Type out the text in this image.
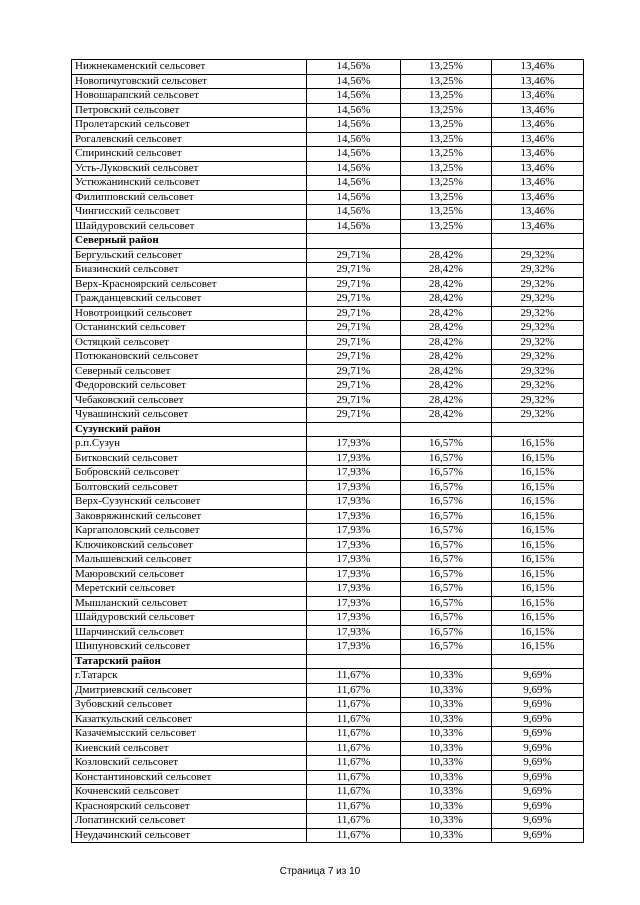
Нижнекаменский сельсовет	14,56%	13,25%	13,46%
Новопичуговский сельсовет	14,56%	13,25%	13,46%
Новошарапский сельсовет	14,56%	13,25%	13,46%
Петровский сельсовет	14,56%	13,25%	13,46%
Пролетарский сельсовет	14,56%	13,25%	13,46%
Рогалевский сельсовет	14,56%	13,25%	13,46%
Спиринский сельсовет	14,56%	13,25%	13,46%
Усть-Луковский сельсовет	14,56%	13,25%	13,46%
Устюжанинский сельсовет	14,56%	13,25%	13,46%
Филипповский сельсовет	14,56%	13,25%	13,46%
Чингисский сельсовет	14,56%	13,25%	13,46%
Шайдуровский сельсовет	14,56%	13,25%	13,46%
Северный район			
Бергульский сельсовет	29,71%	28,42%	29,32%
Биазинский сельсовет	29,71%	28,42%	29,32%
Верх-Красноярский сельсовет	29,71%	28,42%	29,32%
Гражданцевский сельсовет	29,71%	28,42%	29,32%
Новотроицкий сельсовет	29,71%	28,42%	29,32%
Останинский сельсовет	29,71%	28,42%	29,32%
Остяцкий сельсовет	29,71%	28,42%	29,32%
Потюкановский сельсовет	29,71%	28,42%	29,32%
Северный сельсовет	29,71%	28,42%	29,32%
Федоровский сельсовет	29,71%	28,42%	29,32%
Чебаковский сельсовет	29,71%	28,42%	29,32%
Чувашинский сельсовет	29,71%	28,42%	29,32%
Сузунский район			
р.п.Сузун	17,93%	16,57%	16,15%
Битковский сельсовет	17,93%	16,57%	16,15%
Бобровский сельсовет	17,93%	16,57%	16,15%
Болтовский сельсовет	17,93%	16,57%	16,15%
Верх-Сузунский сельсовет	17,93%	16,57%	16,15%
Заковряжинский сельсовет	17,93%	16,57%	16,15%
Каргаполовский сельсовет	17,93%	16,57%	16,15%
Ключиковский сельсовет	17,93%	16,57%	16,15%
Малышевский сельсовет	17,93%	16,57%	16,15%
Маюровский сельсовет	17,93%	16,57%	16,15%
Меретский сельсовет	17,93%	16,57%	16,15%
Мышланский сельсовет	17,93%	16,57%	16,15%
Шайдуровский сельсовет	17,93%	16,57%	16,15%
Шарчинский сельсовет	17,93%	16,57%	16,15%
Шипуновский сельсовет	17,93%	16,57%	16,15%
Татарский район			
г.Татарск	11,67%	10,33%	9,69%
Дмитриевский сельсовет	11,67%	10,33%	9,69%
Зубовский сельсовет	11,67%	10,33%	9,69%
Казаткульский сельсовет	11,67%	10,33%	9,69%
Казачемысский сельсовет	11,67%	10,33%	9,69%
Киевский сельсовет	11,67%	10,33%	9,69%
Козловский сельсовет	11,67%	10,33%	9,69%
Константиновский сельсовет	11,67%	10,33%	9,69%
Кочневский сельсовет	11,67%	10,33%	9,69%
Красноярский сельсовет	11,67%	10,33%	9,69%
Лопатинский сельсовет	11,67%	10,33%	9,69%
Неудачинский сельсовет	11,67%	10,33%	9,69%
Страница 7 из 10
